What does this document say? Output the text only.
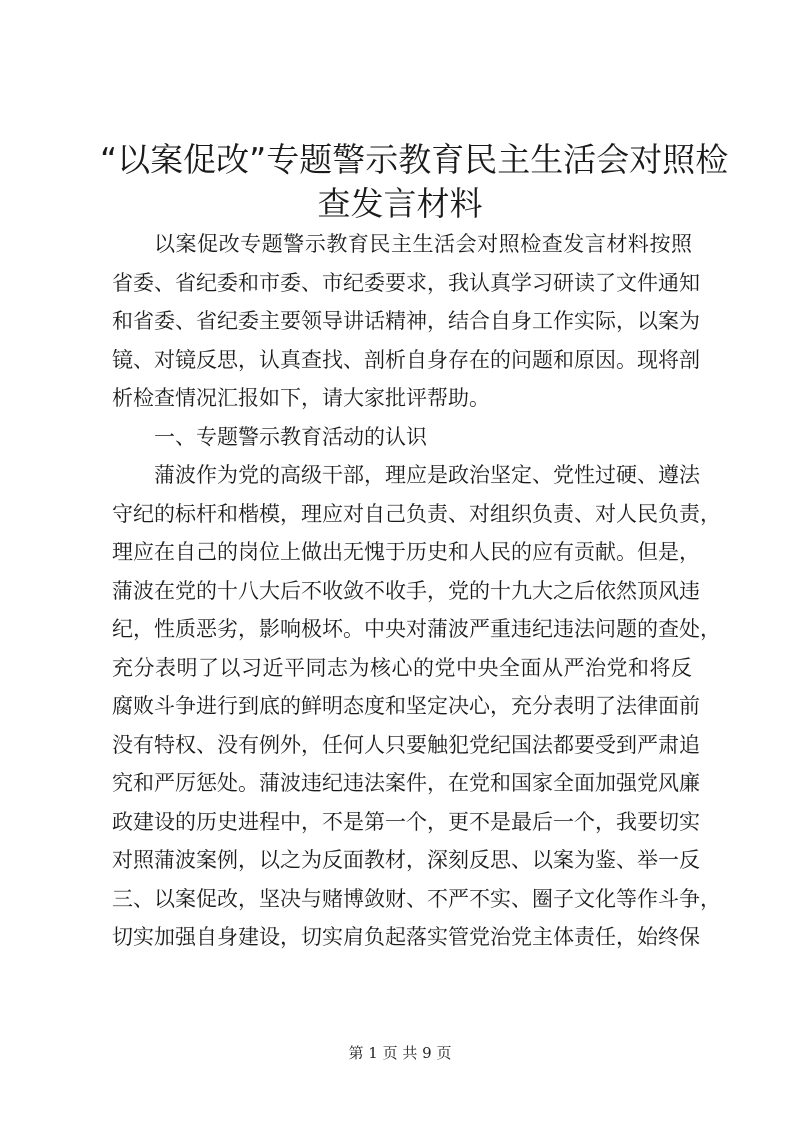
“以案促改”专题警示教育民主生活会对照检
查发言材料
以案促改专题警示教育民主生活会对照检查发言材料按照
省委、省纪委和市委、市纪委要求，我认真学习研读了文件通知
和省委、省纪委主要领导讲话精神，结合自身工作实际，以案为
镜、对镜反思，认真查找、剖析自身存在的问题和原因。现将剖
析检查情况汇报如下，请大家批评帮助。
一、专题警示教育活动的认识
蒲波作为党的高级干部，理应是政治坚定、党性过硬、遵法
守纪的标杆和楷模，理应对自己负责、对组织负责、对人民负责，
理应在自己的岗位上做出无愧于历史和人民的应有贡献。但是，
蒲波在党的十八大后不收敛不收手，党的十九大之后依然顶风违
纪，性质恶劣，影响极坏。中央对蒲波严重违纪违法问题的查处，
充分表明了以习近平同志为核心的党中央全面从严治党和将反
腐败斗争进行到底的鲜明态度和坚定决心，充分表明了法律面前
没有特权、没有例外，任何人只要触犯党纪国法都要受到严肃追
究和严厉惩处。蒲波违纪违法案件，在党和国家全面加强党风廉
政建设的历史进程中，不是第一个，更不是最后一个，我要切实
对照蒲波案例，以之为反面教材，深刻反思、以案为鉴、举一反
三、以案促改，坚决与赌博敛财、不严不实、圈子文化等作斗争，
切实加强自身建设，切实肩负起落实管党治党主体责任，始终保
第 1 页 共 9 页
